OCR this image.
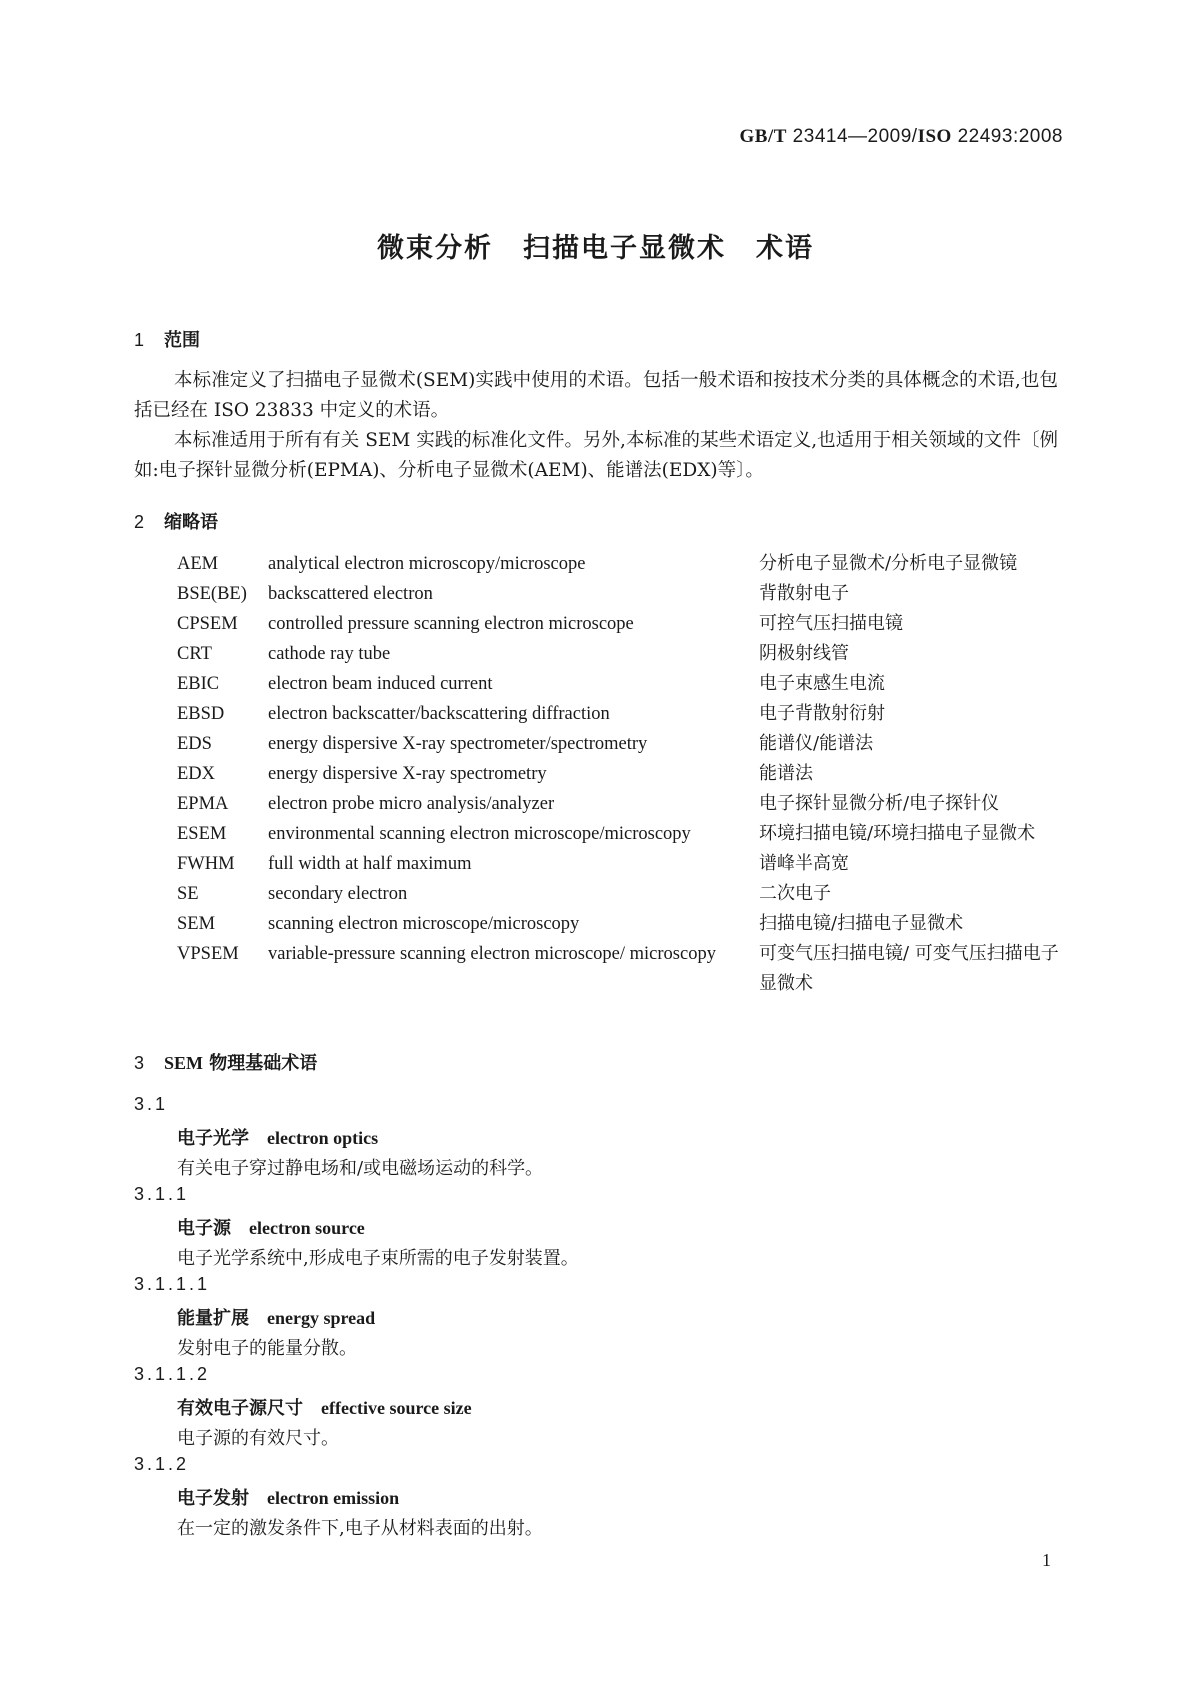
GB/T 23414—2009/ISO 22493:2008
微束分析 扫描电子显微术 术语
1 范围
本标准定义了扫描电子显微术(SEM)实践中使用的术语。包括一般术语和按技术分类的具体概念的术语,也包括已经在 ISO 23833 中定义的术语。
本标准适用于所有有关 SEM 实践的标准化文件。另外,本标准的某些术语定义,也适用于相关领域的文件〔例如:电子探针显微分析(EPMA)、分析电子显微术(AEM)、能谱法(EDX)等〕。
2 缩略语
AEM	analytical electron microscopy/microscope	分析电子显微术/分析电子显微镜
BSE(BE)	backscattered electron	背散射电子
CPSEM	controlled pressure scanning electron microscope	可控气压扫描电镜
CRT	cathode ray tube	阴极射线管
EBIC	electron beam induced current	电子束感生电流
EBSD	electron backscatter/backscattering diffraction	电子背散射衍射
EDS	energy dispersive X-ray spectrometer/spectrometry	能谱仪/能谱法
EDX	energy dispersive X-ray spectrometry	能谱法
EPMA	electron probe micro analysis/analyzer	电子探针显微分析/电子探针仪
ESEM	environmental scanning electron microscope/microscopy	环境扫描电镜/环境扫描电子显微术
FWHM	full width at half maximum	谱峰半高宽
SE	secondary electron	二次电子
SEM	scanning electron microscope/microscopy	扫描电镜/扫描电子显微术
VPSEM	variable-pressure scanning electron microscope/ microscopy	可变气压扫描电镜/ 可变气压扫描电子显微术
3 SEM 物理基础术语
3.1
电子光学 electron optics
有关电子穿过静电场和/或电磁场运动的科学。
3.1.1
电子源 electron source
电子光学系统中,形成电子束所需的电子发射装置。
3.1.1.1
能量扩展 energy spread
发射电子的能量分散。
3.1.1.2
有效电子源尺寸 effective source size
电子源的有效尺寸。
3.1.2
电子发射 electron emission
在一定的激发条件下,电子从材料表面的出射。
1
